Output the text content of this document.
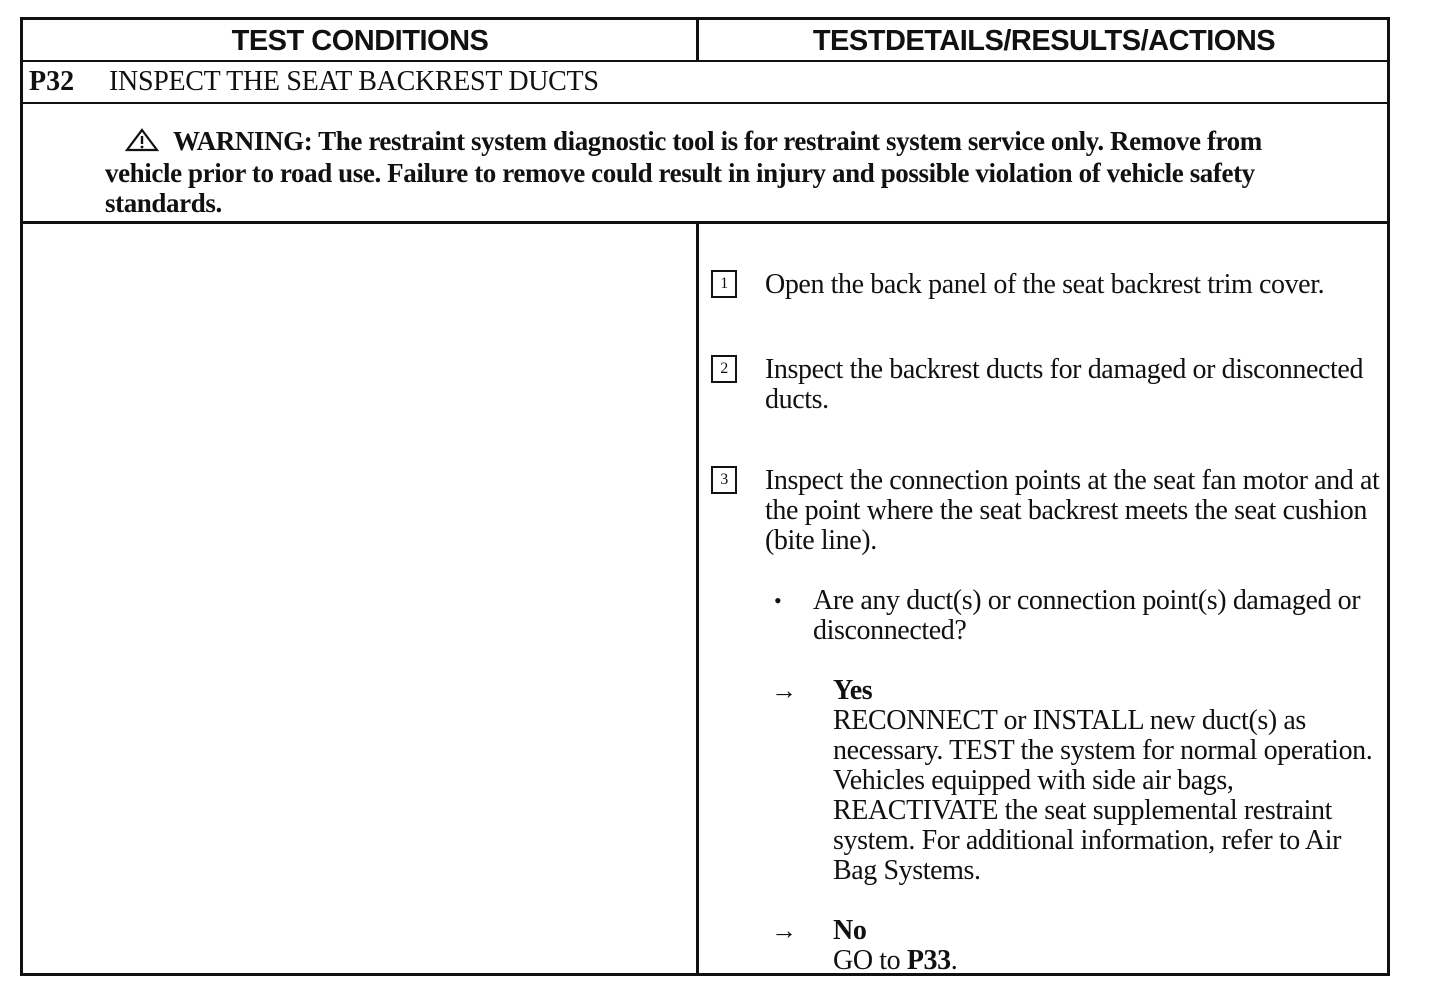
TEST CONDITIONS	TESTDETAILS/RESULTS/ACTIONS
P32 INSPECT THE SEAT BACKREST DUCTS
WARNING: The restraint system diagnostic tool is for restraint system service only. Remove from vehicle prior to road use. Failure to remove could result in injury and possible violation of vehicle safety standards.
1	Open the back panel of the seat backrest trim cover.
2	Inspect the backrest ducts for damaged or disconnected ducts.
3	Inspect the connection points at the seat fan motor and at the point where the seat backrest meets the seat cushion (bite line).
• Are any duct(s) or connection point(s) damaged or disconnected?
→ Yes
RECONNECT or INSTALL new duct(s) as necessary. TEST the system for normal operation. Vehicles equipped with side air bags, REACTIVATE the seat supplemental restraint system. For additional information, refer to Air Bag Systems.
→ No
GO to P33.
